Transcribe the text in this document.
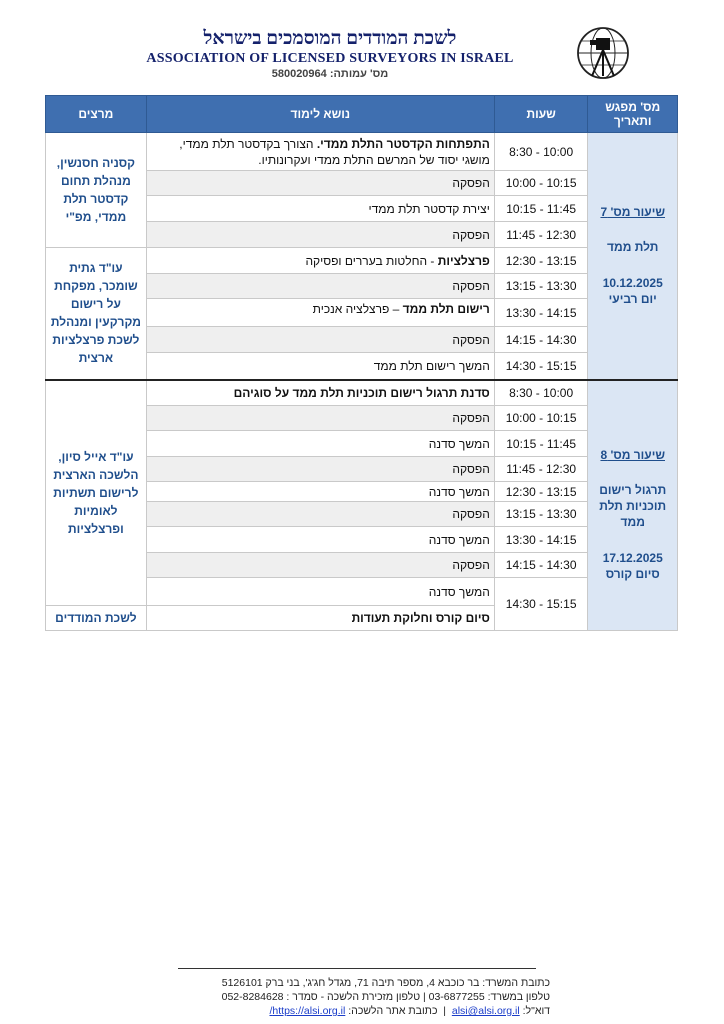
לשכת המודדים המוסמכים בישראל
ASSOCIATION OF LICENSED SURVEYORS IN ISRAEL
מס' עמותה: 580020964
מס' מפגש ותאריך	שעות	נושא לימוד	מרצים

שיעור מס' 7
תלת ממד
10.12.2025
יום רביעי	8:30 - 10:00	התפתחות הקדסטר התלת ממדי. הצורך בקדסטר תלת ממדי, מושגי יסוד של המרשם התלת ממדי ועקרונותיו.	קסניה חסנשין, מנהלת תחום קדסטר תלת ממדי, מפ"י
	10:00 - 10:15	הפסקה	
	10:15 - 11:45	יצירת קדסטר תלת ממדי	
	11:45 - 12:30	הפסקה	
	12:30 - 13:15	פרצלציות - החלטות בעררים ופסיקה	עו"ד גתית שומכר, מפקחת על רישום מקרקעין ומנהלת לשכת פרצלציות ארצית
	13:15 - 13:30	הפסקה	
	13:30 - 14:15	רישום תלת ממד – פרצלציה אנכית	
	14:15 - 14:30	הפסקה	
	14:30 - 15:15	המשך רישום תלת ממד	

שיעור מס' 8
תרגול רישום תוכניות תלת ממד
17.12.2025
סיום קורס	8:30 - 10:00	סדנת תרגול רישום תוכניות תלת ממד על סוגיהם	עו"ד אייל סיון, הלשכה הארצית לרישום תשתיות לאומיות ופרצלציות
	10:00 - 10:15	הפסקה	
	10:15 - 11:45	המשך סדנה	
	11:45 - 12:30	הפסקה	
	12:30 - 13:15	המשך סדנה	
	13:15 - 13:30	הפסקה	
	13:30 - 14:15	המשך סדנה	
	14:15 - 14:30	הפסקה	
	14:30 - 15:15	המשך סדנה	
		סיום קורס וחלוקת תעודות	לשכת המודדים
כתובת המשרד: בר כוכבא 4, מספר תיבה 71, מגדל חג'ג', בני ברק 5126101
טלפון במשרד: 03-6877255 | טלפון מזכירת הלשכה - סמדר : 052-8284628
דוא"ל: alsi@alsi.org.il  |  כתובת אתר הלשכה: https://alsi.org.il/
